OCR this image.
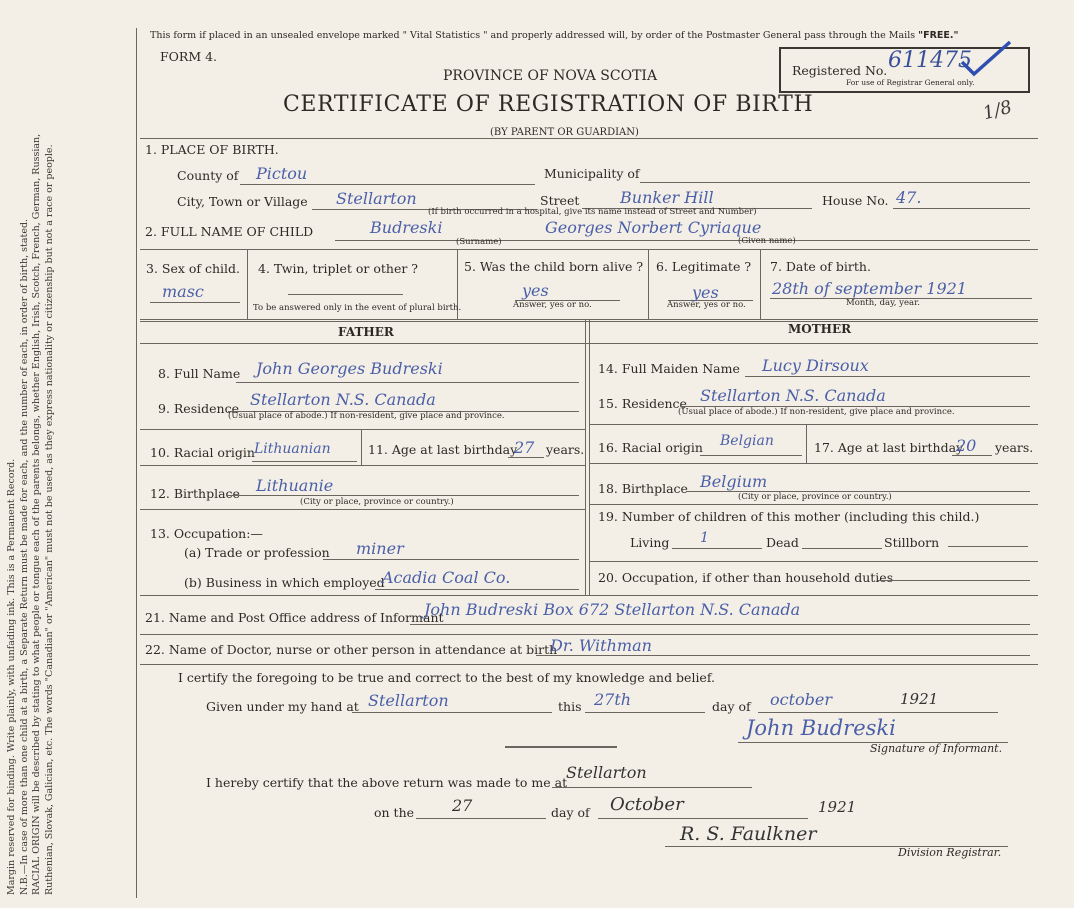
Margin reserved for binding. Write plainly, with unfading ink. This is a Permanent Record. N.B.—In case of more than one child at a birth, a Separate Return must be made for each, and the number of each, in order of birth, stated. RACIAL ORIGIN will be described by stating to what people or tongue each of the parents belongs, whether English, Irish, Scotch, French, German, Russian, Ruthenian, Slovak, Galician, etc. The words "Canadian" or "American" must not be used, as they express nationality or citizenship but not a race or people.
This form if placed in an unsealed envelope marked " Vital Statistics " and properly addressed will, by order of the Postmaster General pass through the Mails "FREE."
FORM 4.
PROVINCE OF NOVA SCOTIA
CERTIFICATE OF REGISTRATION OF BIRTH
(BY PARENT OR GUARDIAN)
Registered No. 611475
For use of Registrar General only.
1/8
1. PLACE OF BIRTH.
County of Pictou	Municipality of
City, Town or Village Stellarton	Street	Bunker Hill	House No. 47.
(If birth occurred in a hospital, give its name instead of Street and Number)
2. FULL NAME OF CHILD	Budreski	Georges Norbert Cyriaque
(Surname)	(Given name)
3. Sex of child.
masc
4. Twin, triplet or other ?
To be answered only in the event of plural birth.
5. Was the child born alive ?
yes
Answer, yes or no.
6. Legitimate ?
yes
Answer, yes or no.
7. Date of birth.
28th of september 1921
Month, day, year.
FATHER	MOTHER
8. Full Name John Georges Budreski
9. Residence Stellarton N.S. Canada
(Usual place of abode.) If non-resident, give place and province.
10. Racial origin Lithuanian	11. Age at last birthday
27 years.
12. Birthplace Lithuanie
(City or place, province or country.)
13. Occupation:—
(a) Trade or profession miner
(b) Business in which employed
Acadia Coal Co.
14. Full Maiden Name Lucy Dirsoux
15. Residence Stellarton N.S. Canada
(Usual place of abode.) If non-resident, give place and province.
16. Racial origin Belgian	17. Age at last birthday
20 years.
18. Birthplace Belgium
(City or place, province or country.)
19. Number of children of this mother (including this child.)
Living 1	Dead	Stillborn
20. Occupation, if other than household duties
21. Name and Post Office address of Informant
John Budreski Box 672 Stellarton N.S. Canada
22. Name of Doctor, nurse or other person in attendance at birth
Dr. Withman
I certify the foregoing to be true and correct to the best of my knowledge and belief.
Given under my hand at Stellarton	this 27th	day of october	1921
John Budreski
Signature of Informant.
I hereby certify that the above return was made to me at
Stellarton
on the 27	day of October	1921
R. S. Faulkner
Division Registrar.
